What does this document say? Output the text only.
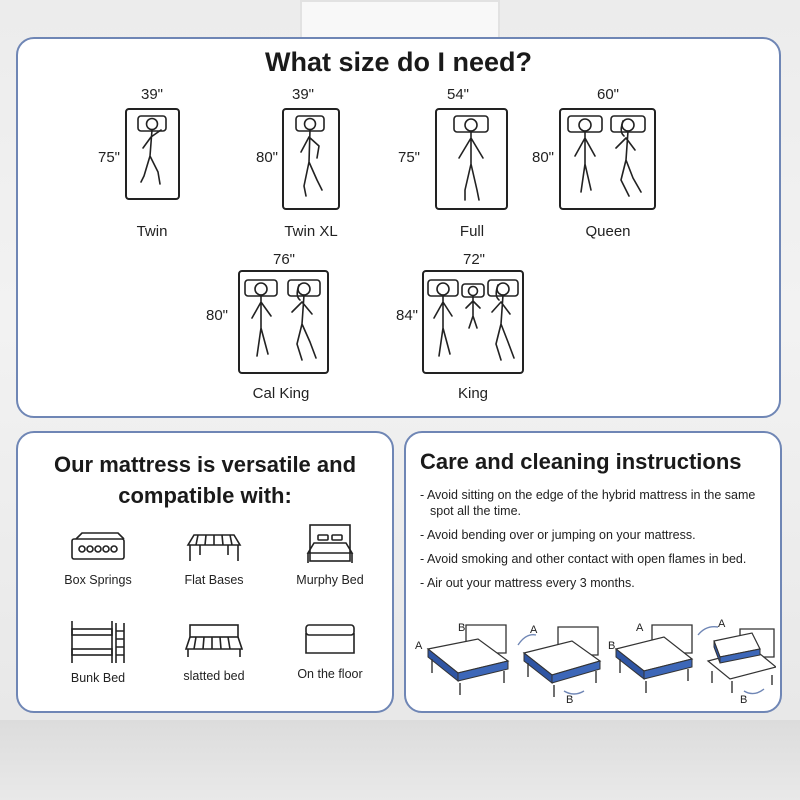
What size do I need?
39"
75"
Twin
39"
80"
Twin XL
54"
75"
Full
60"
80"
Queen
76"
80"
Cal King
72"
84"
King
Our mattress is versatile and
compatible with:
Box Springs	Flat Bases	Murphy Bed
Bunk Bed	slatted bed	On the floor
Care and cleaning instructions
- Avoid sitting on the edge of the hybrid mattress in the same spot all the time.
- Avoid bending over or jumping on your mattress.
- Avoid smoking and other contact with open flames in bed.
- Air out your mattress every 3 months.
A
B	A
B
A
B
A
B
